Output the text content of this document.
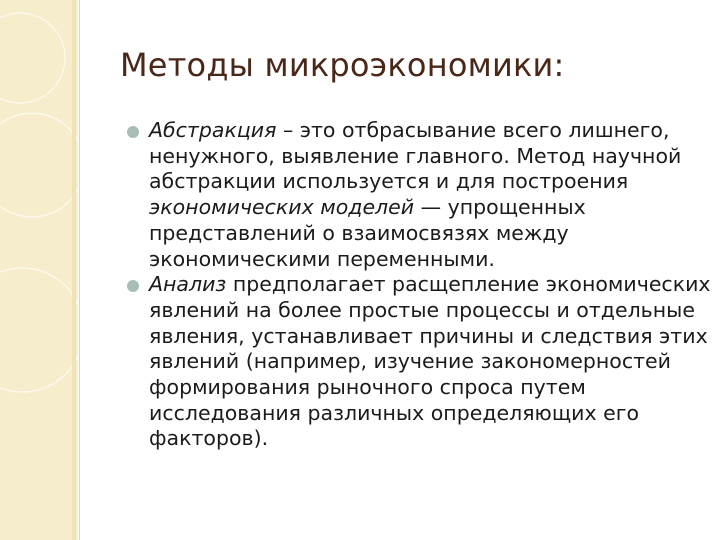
Методы микроэкономики:
Абстракция – это отбрасывание всего лишнего, ненужного, выявление главного. Метод научной абстракции используется и для построения экономических моделей — упрощенных представлений о взаимосвязях между экономическими переменными.
Анализ предполагает расщепление экономических явлений на более простые процессы и отдельные явления, устанавливает причины и следствия этих явлений (например, изучение закономерностей формирования рыночного спроса путем исследования различных определяющих его факторов).
